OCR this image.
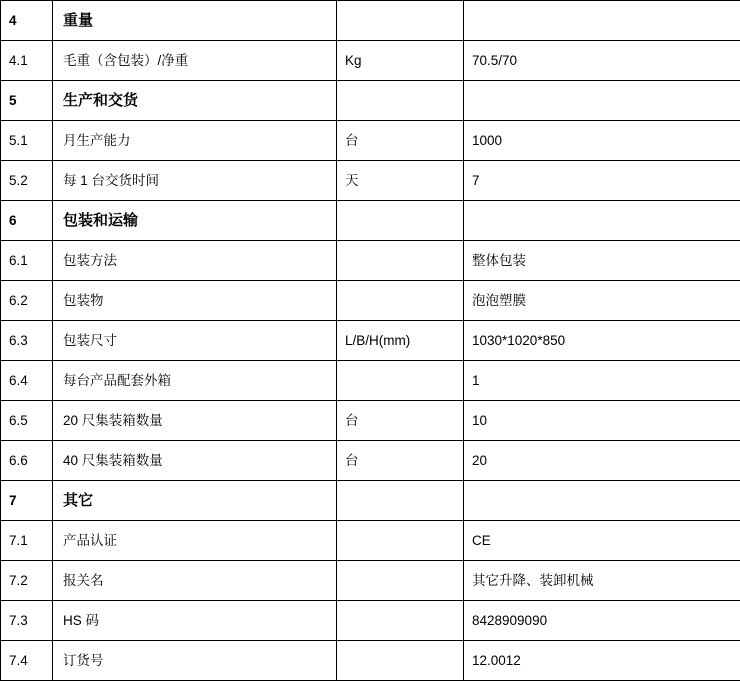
4	重量		
4.1	毛重（含包装）/净重	Kg	70.5/70
5	生产和交货		
5.1	月生产能力	台	1000
5.2	每 1 台交货时间	天	7
6	包装和运输		
6.1	包装方法		整体包装
6.2	包装物		泡泡塑膜
6.3	包装尺寸	L/B/H(mm)	1030*1020*850
6.4	每台产品配套外箱		1
6.5	20 尺集装箱数量	台	10
6.6	40 尺集装箱数量	台	20
7	其它		
7.1	产品认证		CE
7.2	报关名		其它升降、装卸机械
7.3	HS 码		8428909090
7.4	订货号		12.0012
